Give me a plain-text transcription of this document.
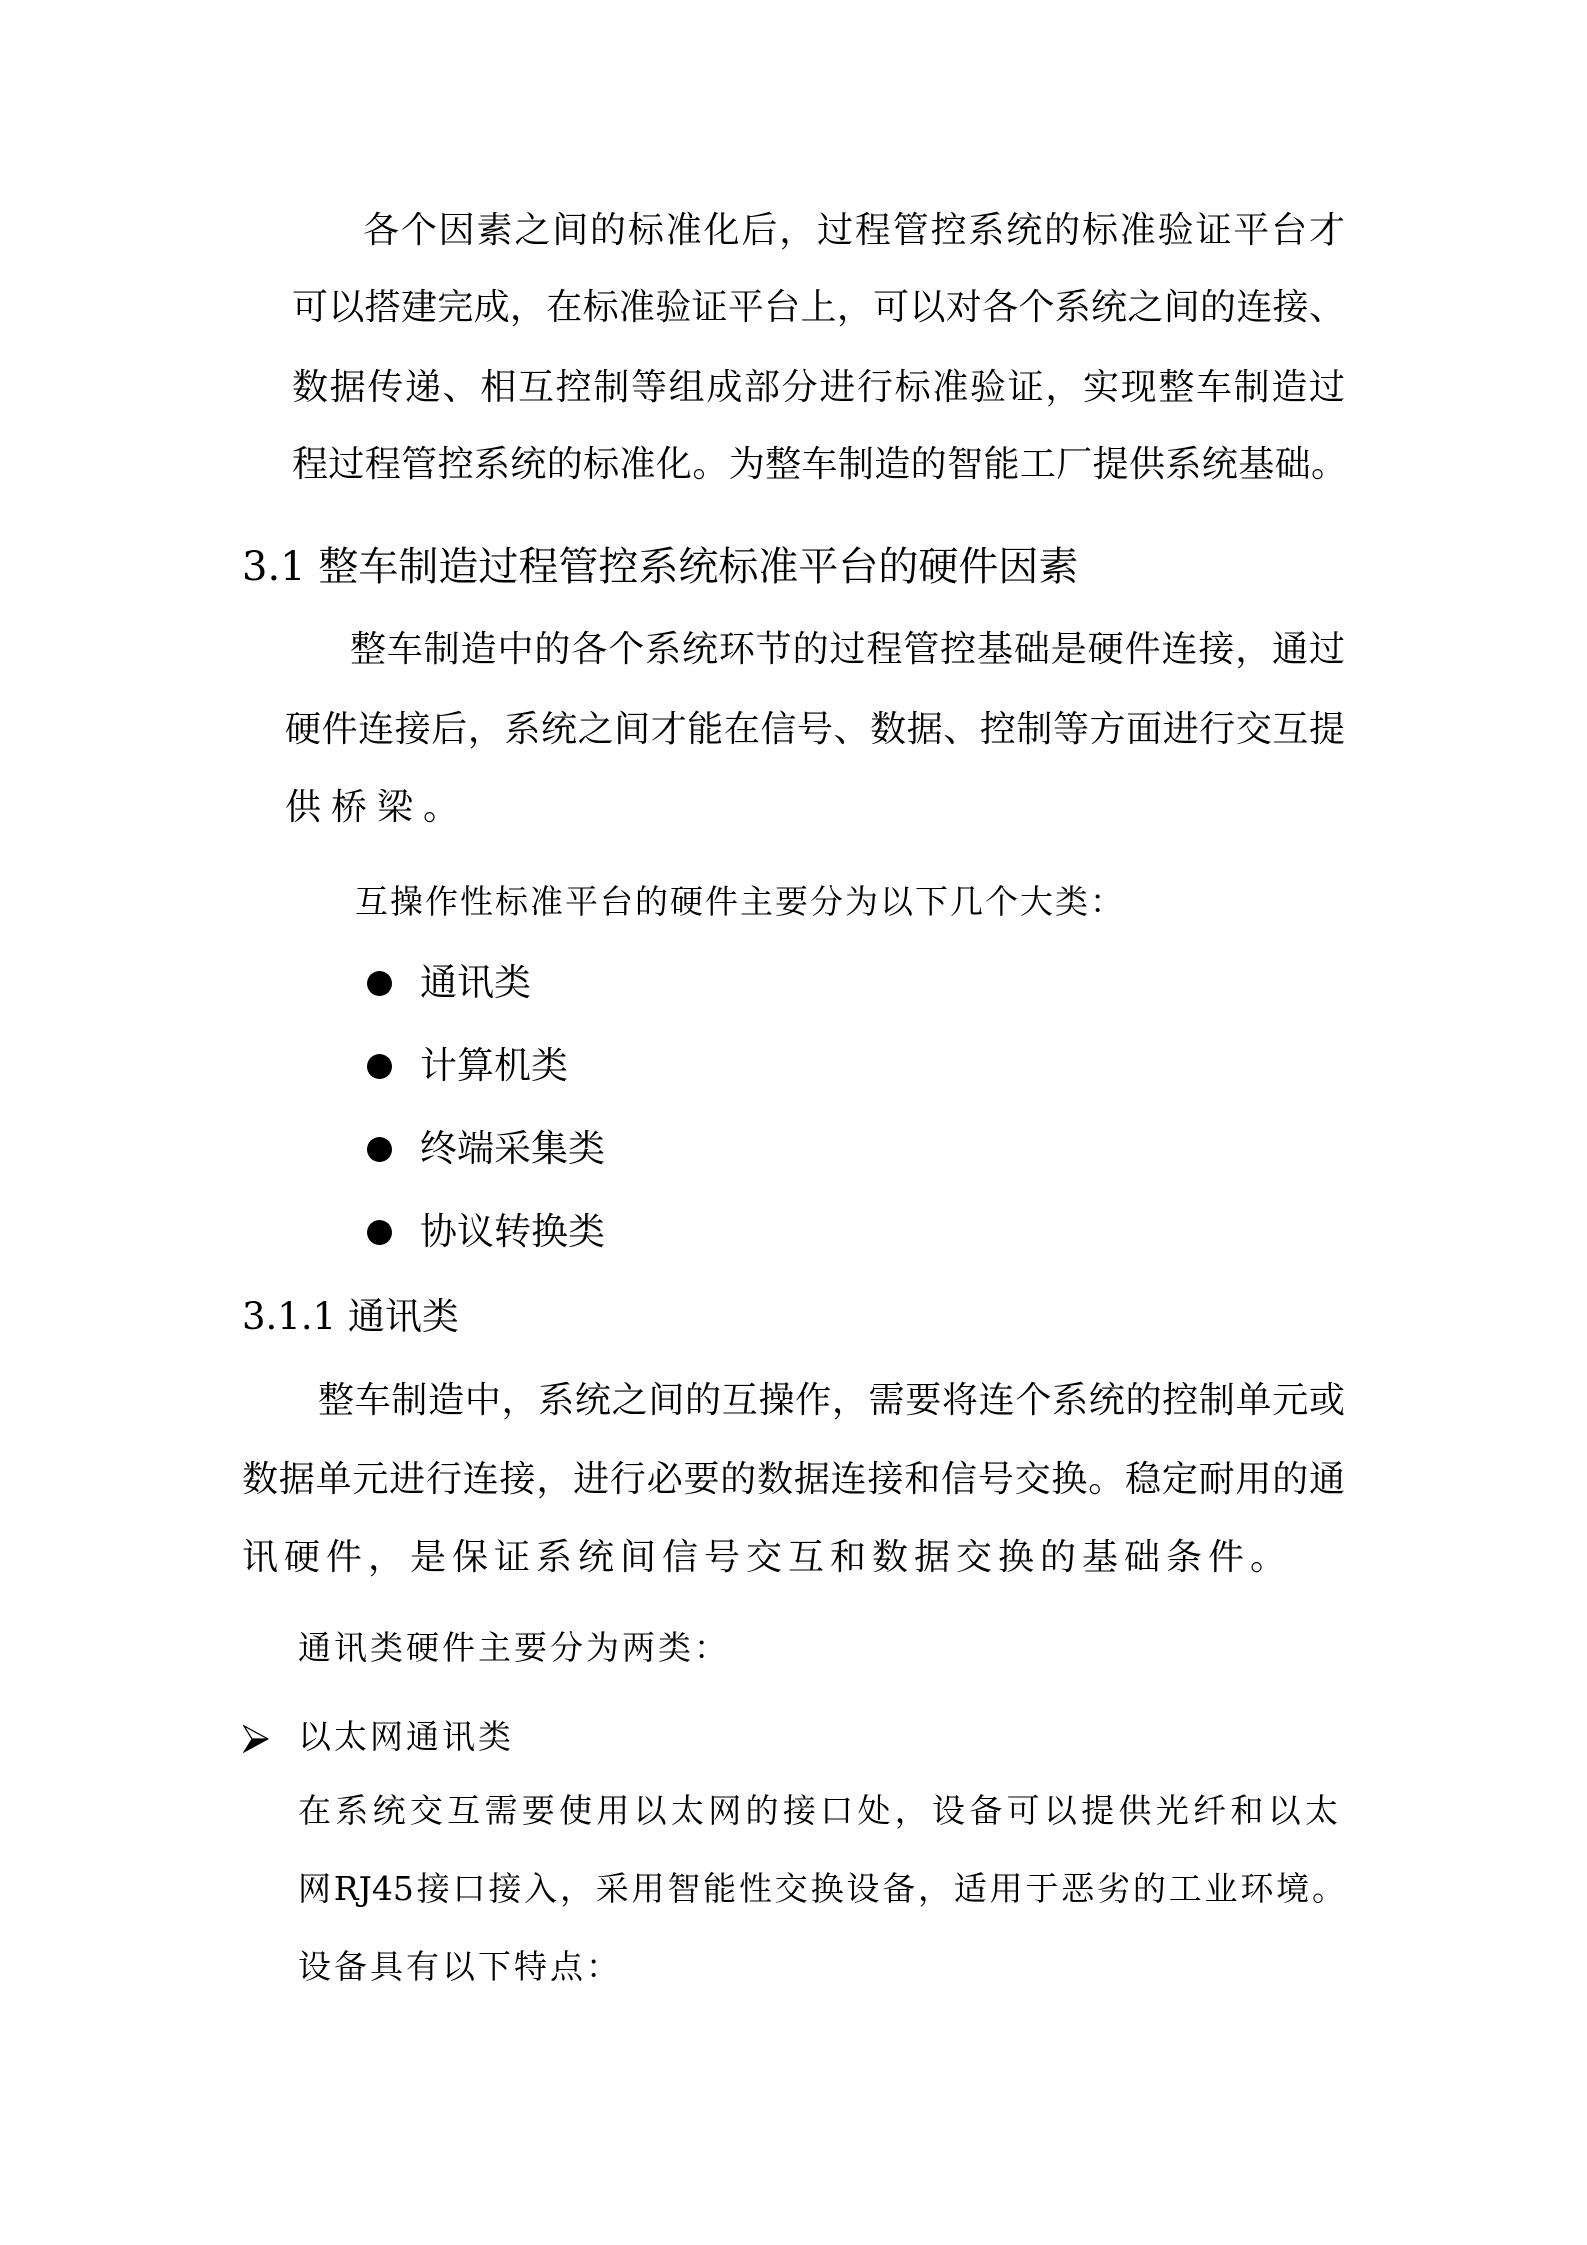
各个因素之间的标准化后，过程管控系统的标准验证平台才
可以搭建完成，在标准验证平台上，可以对各个系统之间的连接、
数据传递、相互控制等组成部分进行标准验证，实现整车制造过
程过程管控系统的标准化。为整车制造的智能工厂提供系统基础。
3.1 整车制造过程管控系统标准平台的硬件因素
整车制造中的各个系统环节的过程管控基础是硬件连接，通过
硬件连接后，系统之间才能在信号、数据、控制等方面进行交互提
供桥梁。
互操作性标准平台的硬件主要分为以下几个大类：
通讯类
计算机类
终端采集类
协议转换类
3.1.1 通讯类
整车制造中，系统之间的互操作，需要将连个系统的控制单元或
数据单元进行连接，进行必要的数据连接和信号交换。稳定耐用的通
讯硬件，是保证系统间信号交互和数据交换的基础条件。
通讯类硬件主要分为两类：
以太网通讯类
在系统交互需要使用以太网的接口处，设备可以提供光纤和以太
网RJ45接口接入，采用智能性交换设备，适用于恶劣的工业环境。
设备具有以下特点：
